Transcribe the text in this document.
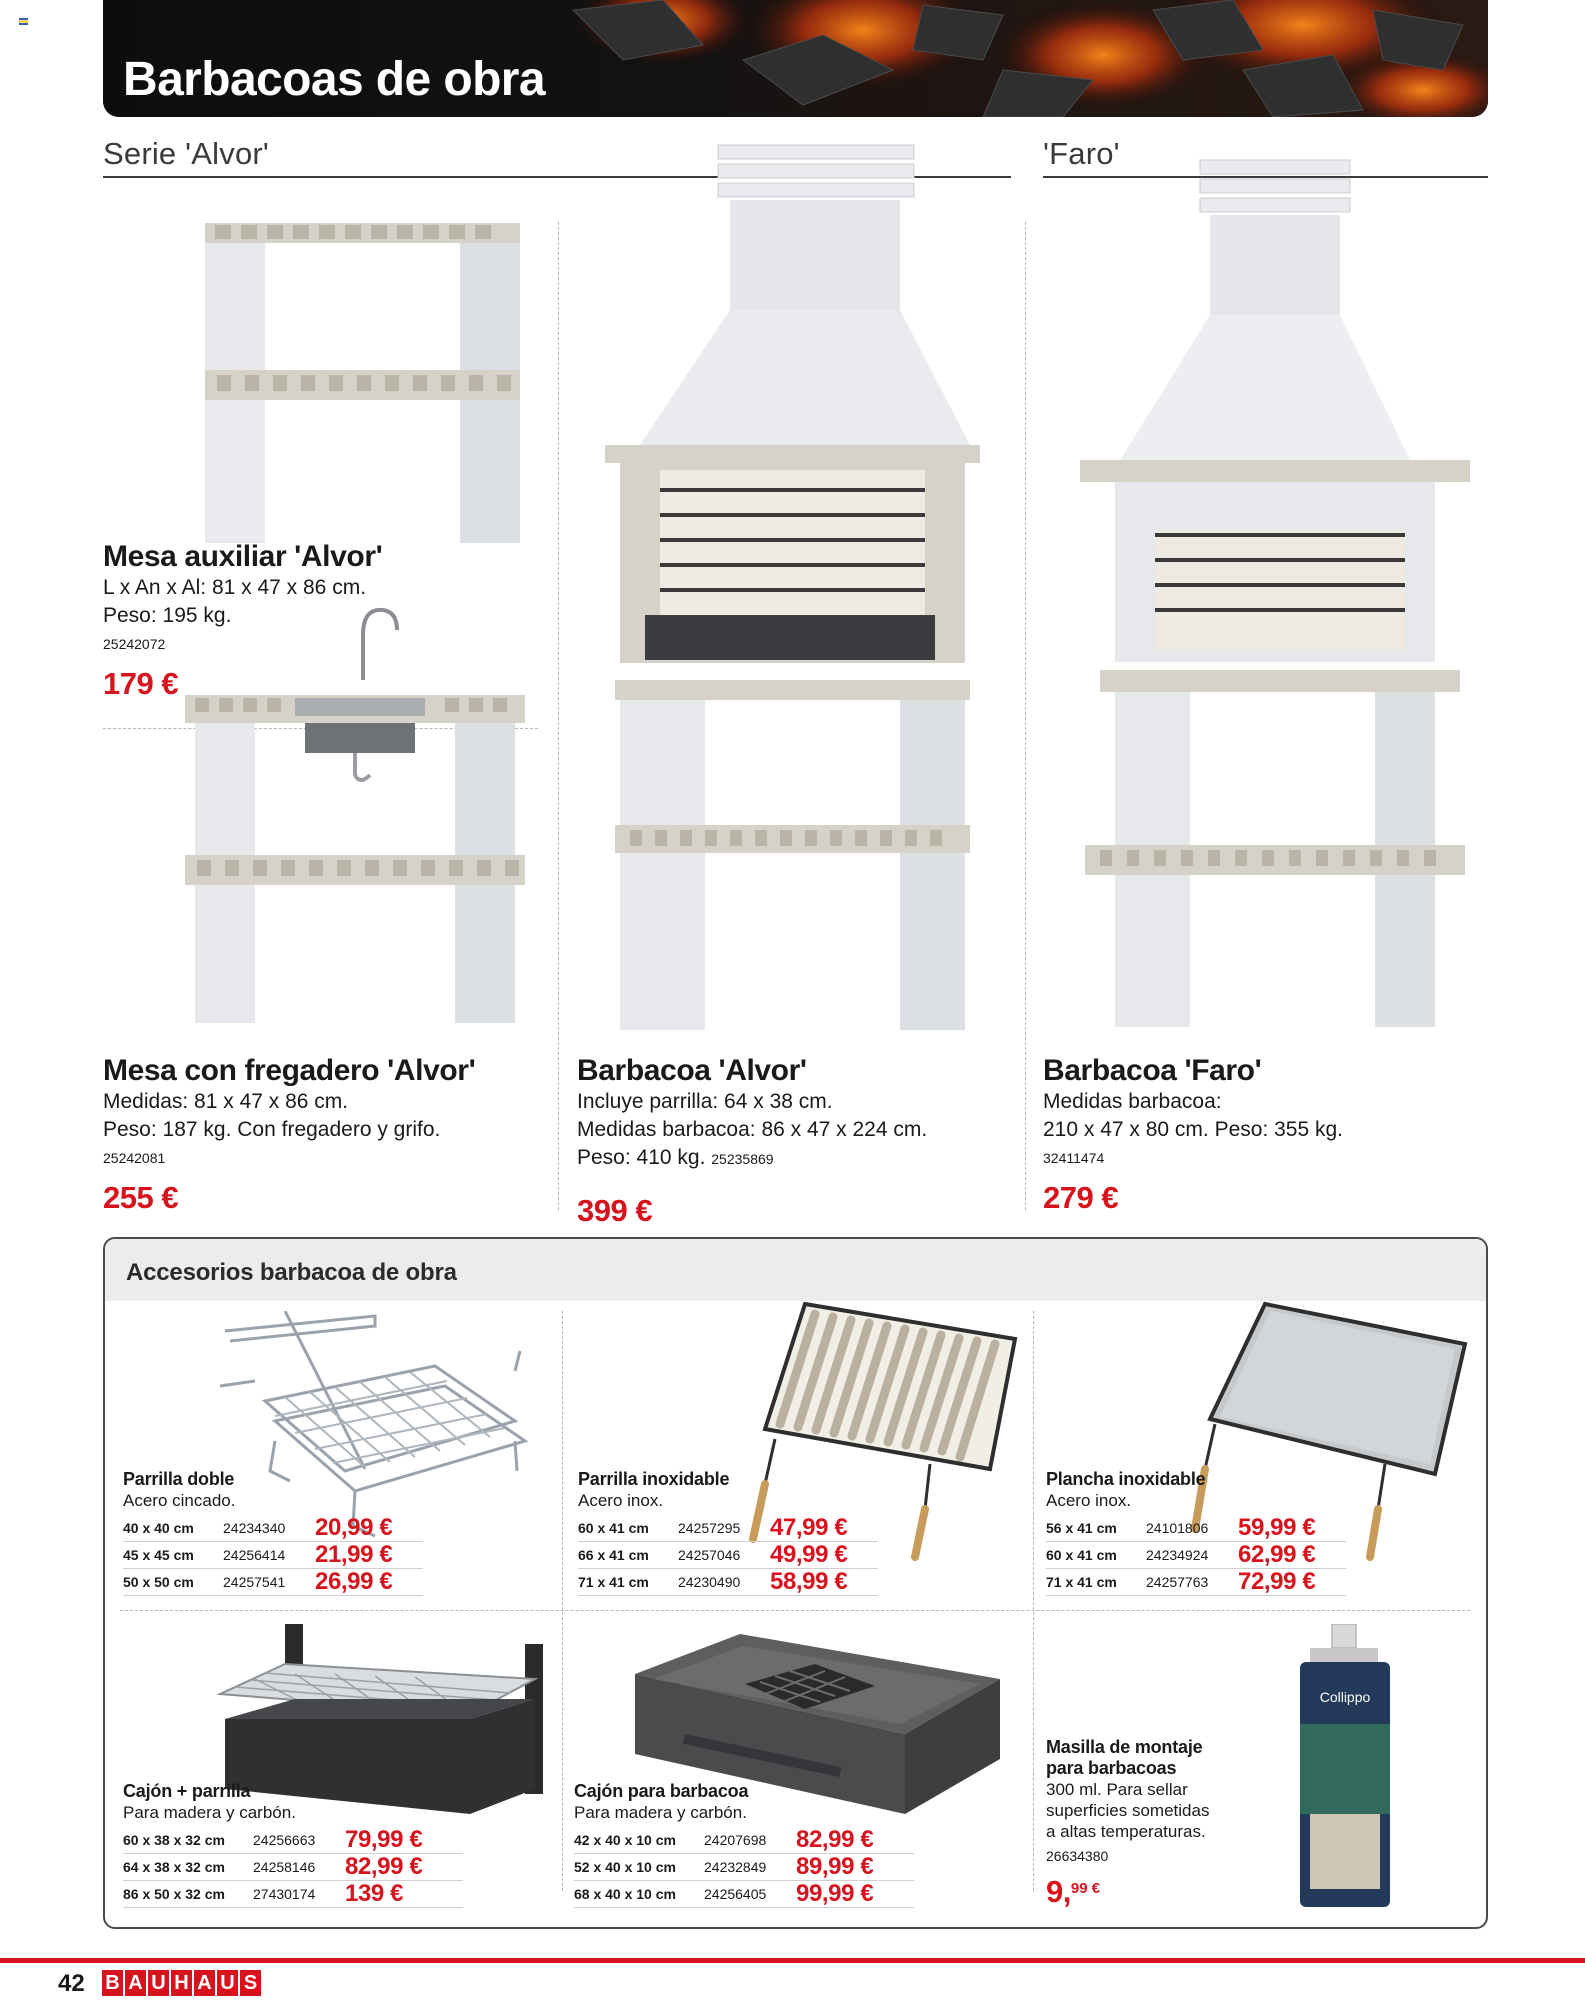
Barbacoas de obra
Serie 'Alvor'	'Faro'
Mesa auxiliar 'Alvor'
L x An x Al: 81 x 47 x 86 cm.
Peso: 195 kg.
25242072
179 €
Mesa con fregadero 'Alvor'
Medidas: 81 x 47 x 86 cm.
Peso: 187 kg. Con fregadero y grifo.
25242081
255 €
Barbacoa 'Alvor'
Incluye parrilla: 64 x 38 cm.
Medidas barbacoa: 86 x 47 x 224 cm.
Peso: 410 kg. 25235869
399 €
Barbacoa 'Faro'
Medidas barbacoa:
210 x 47 x 80 cm. Peso: 355 kg.
32411474
279 €
Accesorios barbacoa de obra
Collippo
Parrilla doble
Acero cincado.
40 x 40 cm	24234340	20,99 €
45 x 45 cm	24256414	21,99 €
50 x 50 cm	24257541	26,99 €
Parrilla inoxidable
Acero inox.
60 x 41 cm	24257295	47,99 €
66 x 41 cm	24257046	49,99 €
71 x 41 cm	24230490	58,99 €
Plancha inoxidable
Acero inox.
56 x 41 cm	24101806	59,99 €
60 x 41 cm	24234924	62,99 €
71 x 41 cm	24257763	72,99 €
Cajón + parrilla
Para madera y carbón.
60 x 38 x 32 cm	24256663	79,99 €
64 x 38 x 32 cm	24258146	82,99 €
86 x 50 x 32 cm	27430174	139 €
Cajón para barbacoa
Para madera y carbón.
42 x 40 x 10 cm	24207698	82,99 €
52 x 40 x 10 cm	24232849	89,99 €
68 x 40 x 10 cm	24256405	99,99 €
Masilla de montaje
para barbacoas
300 ml. Para sellar
superficies sometidas
a altas temperaturas.
26634380
9,99 €
42 B A U H A U S
